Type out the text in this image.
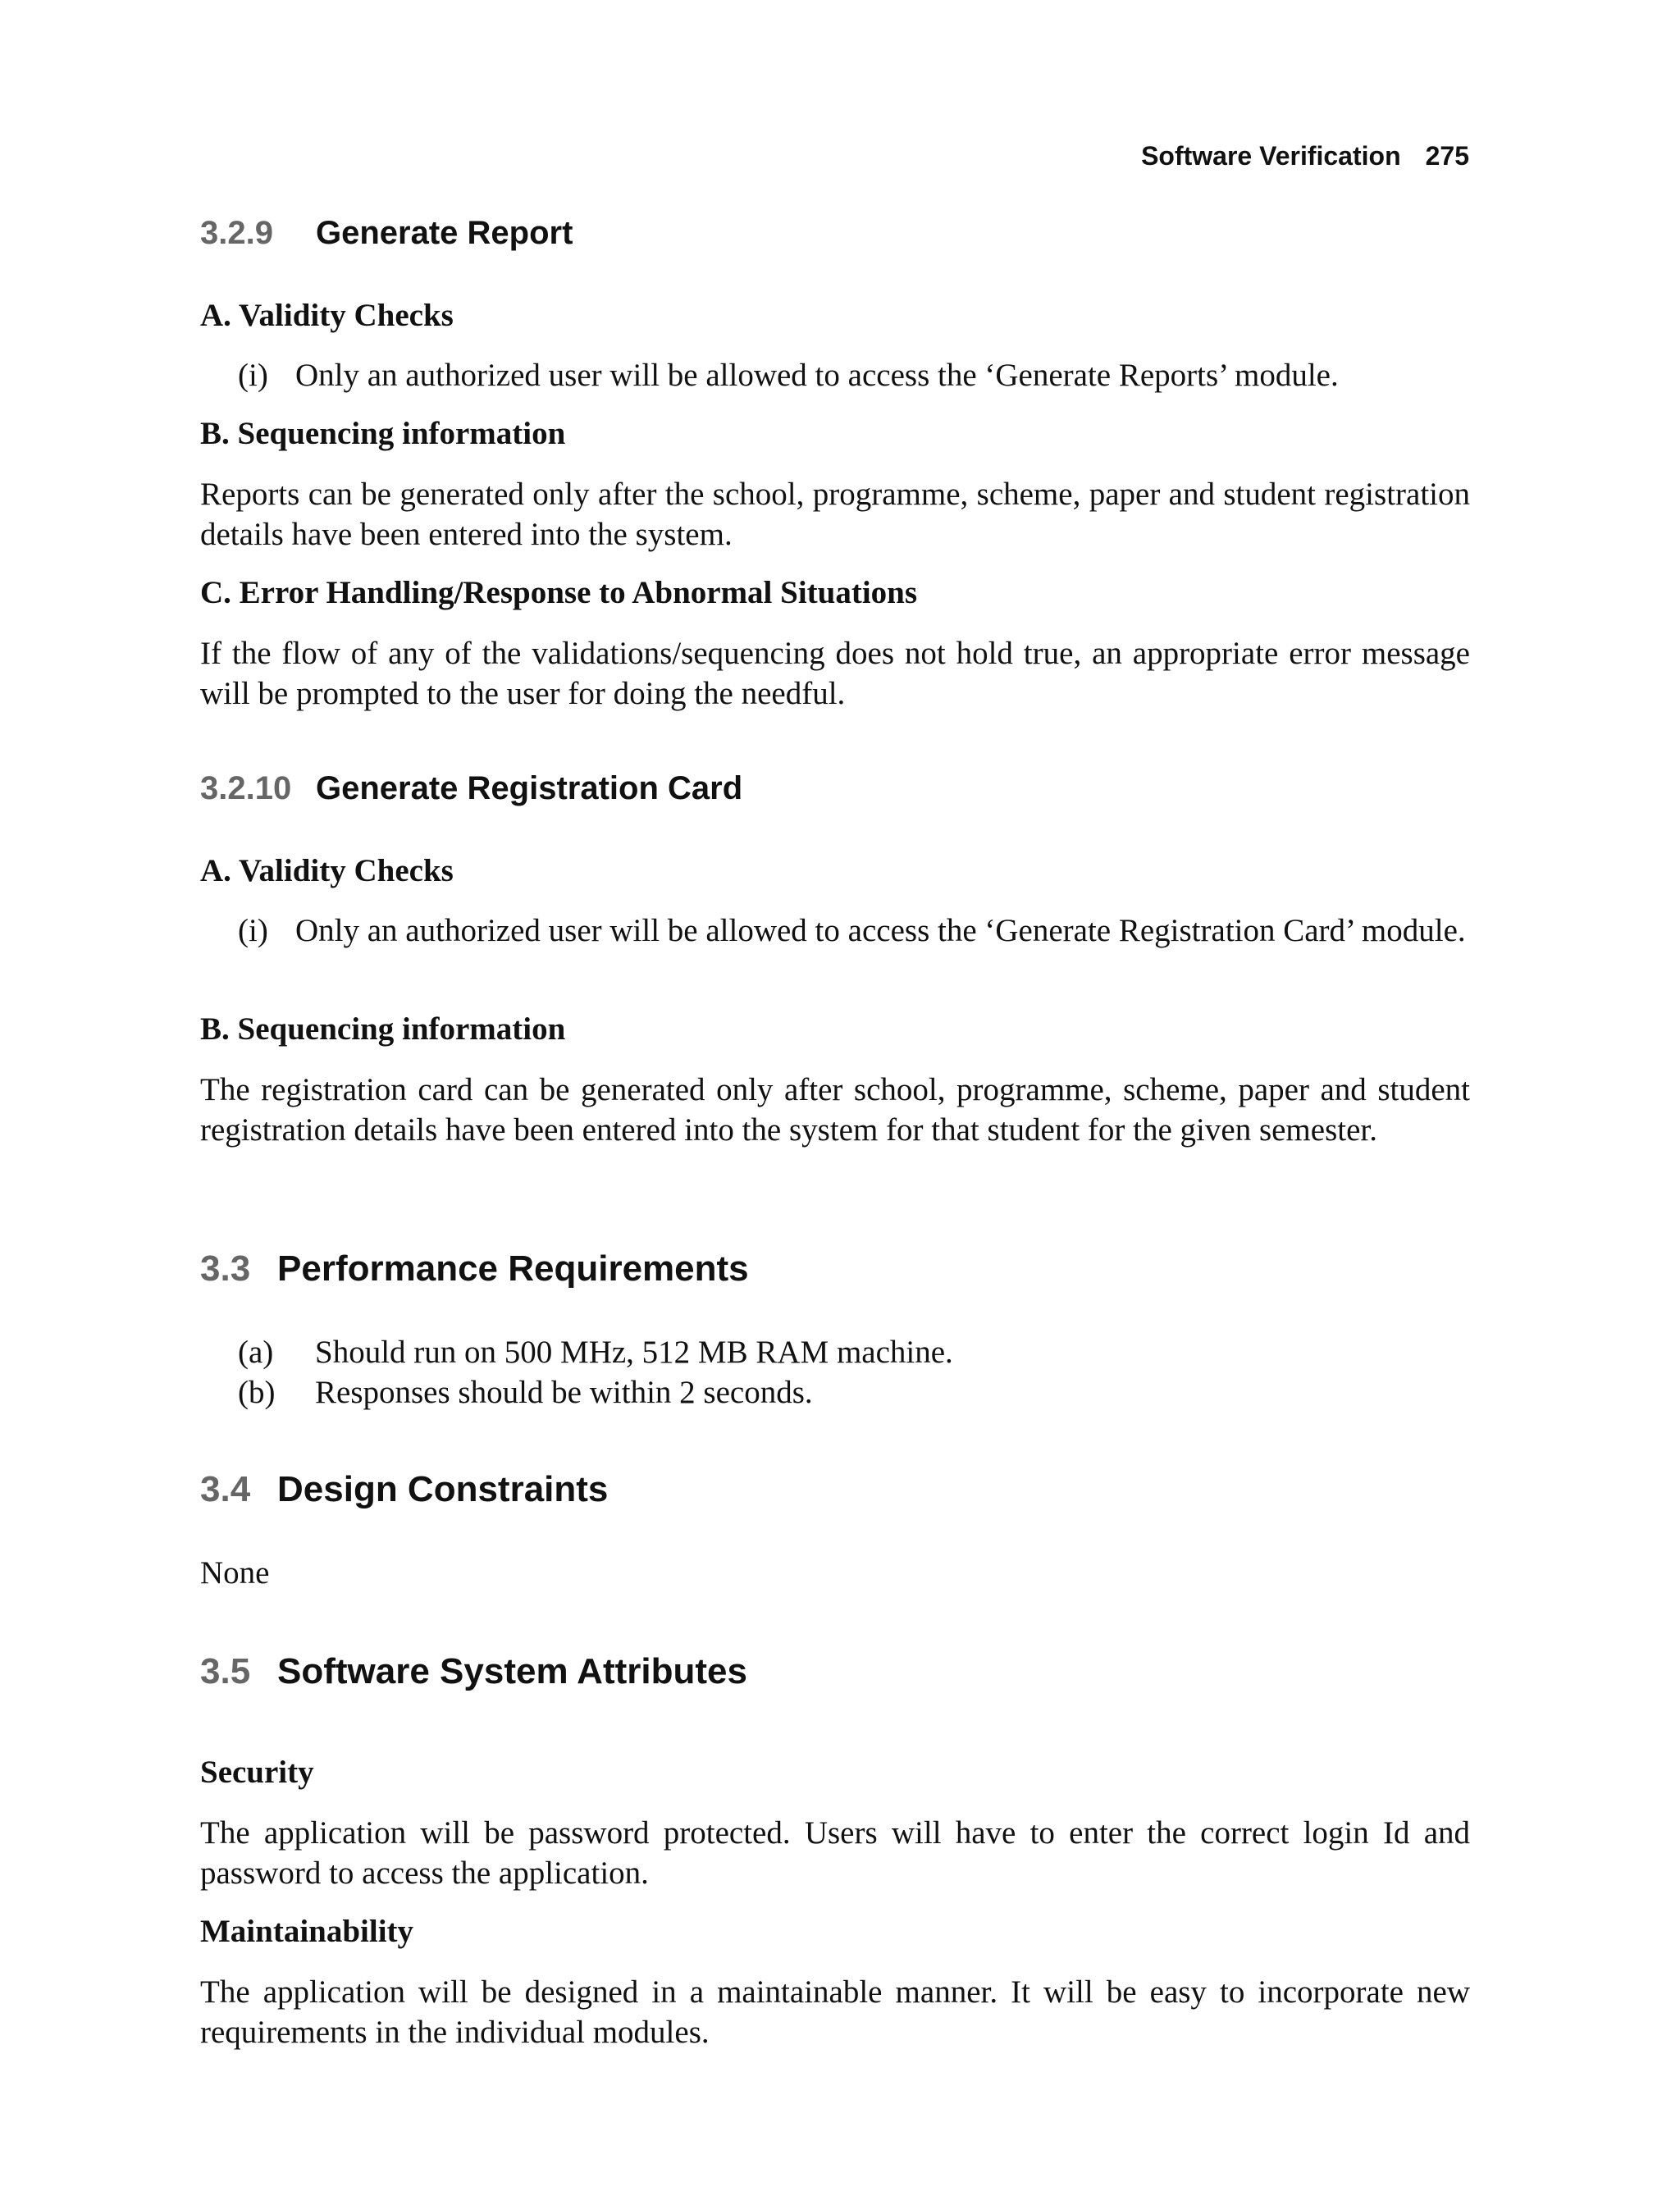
Software Verification 275
3.2.9 Generate Report
A. Validity Checks
(i) Only an authorized user will be allowed to access the ‘Generate Reports’ module.
B. Sequencing information
Reports can be generated only after the school, programme, scheme, paper and student registration details have been entered into the system.
C. Error Handling/Response to Abnormal Situations
If the flow of any of the validations/sequencing does not hold true, an appropriate error message will be prompted to the user for doing the needful.
3.2.10 Generate Registration Card
A. Validity Checks
(i) Only an authorized user will be allowed to access the ‘Generate Registration Card’ module.
B. Sequencing information
The registration card can be generated only after school, programme, scheme, paper and student registration details have been entered into the system for that student for the given semester.
3.3 Performance Requirements
(a) Should run on 500 MHz, 512 MB RAM machine.
(b) Responses should be within 2 seconds.
3.4 Design Constraints
None
3.5 Software System Attributes
Security
The application will be password protected. Users will have to enter the correct login Id and password to access the application.
Maintainability
The application will be designed in a maintainable manner. It will be easy to incorporate new requirements in the individual modules.
